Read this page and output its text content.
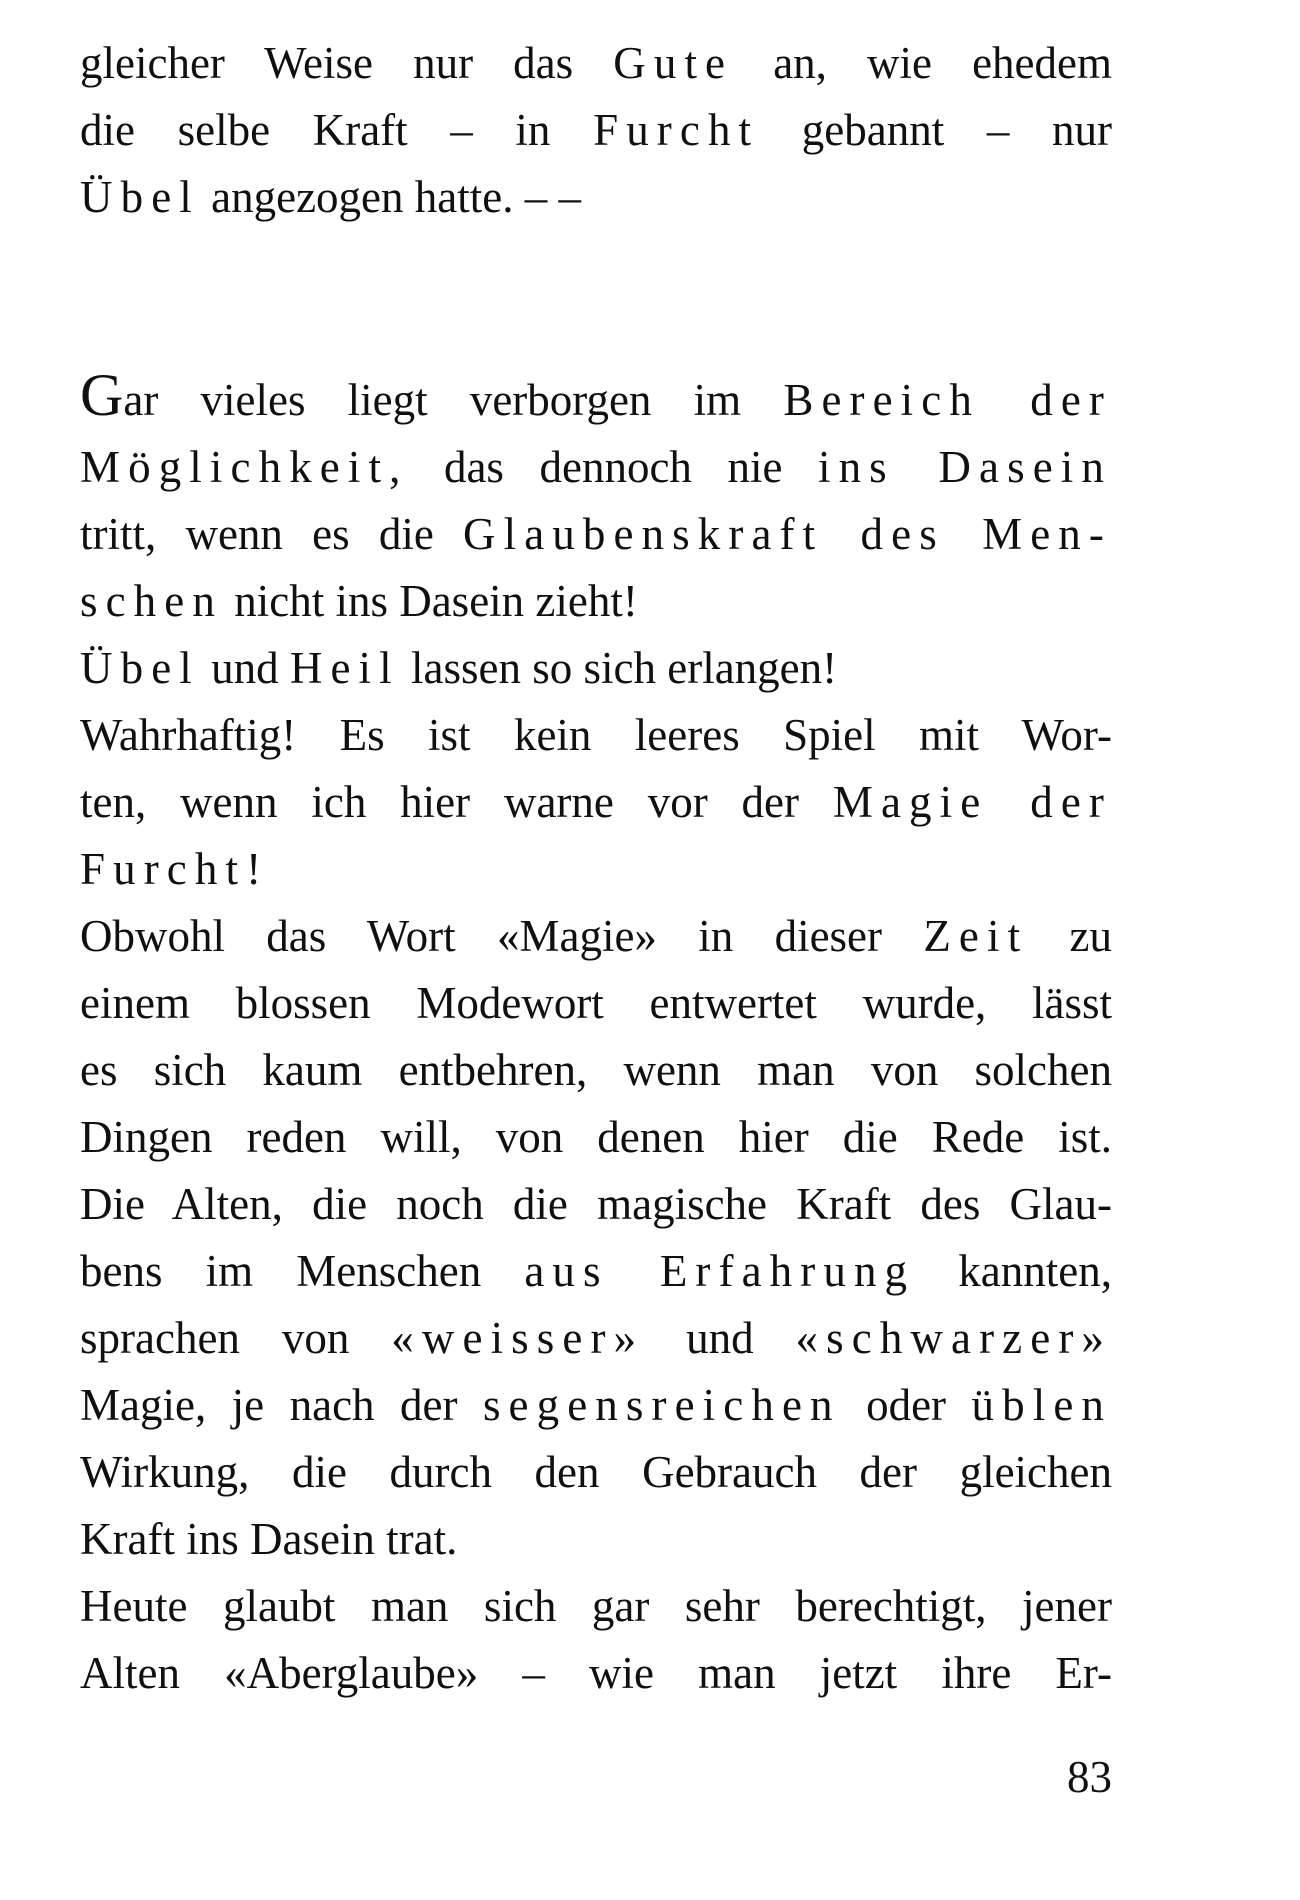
gleicher Weise nur das Gute an, wie ehedem
die selbe Kraft – in Furcht gebannt – nur
Übel angezogen hatte. – –
Gar vieles liegt verborgen im Bereich der
Möglichkeit, das dennoch nie ins Dasein
tritt, wenn es die Glaubenskraft des Men-
schen nicht ins Dasein zieht!
Übel und Heil lassen so sich erlangen!
Wahrhaftig! Es ist kein leeres Spiel mit Wor-
ten, wenn ich hier warne vor der Magie der
Furcht!
Obwohl das Wort «Magie» in dieser Zeit zu
einem blossen Modewort entwertet wurde, lässt
es sich kaum entbehren, wenn man von solchen
Dingen reden will, von denen hier die Rede ist.
Die Alten, die noch die magische Kraft des Glau-
bens im Menschen aus Erfahrung kannten,
sprachen von «weisser» und «schwarzer»
Magie, je nach der segensreichen oder üblen
Wirkung, die durch den Gebrauch der gleichen
Kraft ins Dasein trat.
Heute glaubt man sich gar sehr berechtigt, jener
Alten «Aberglaube» – wie man jetzt ihre Er-
83
